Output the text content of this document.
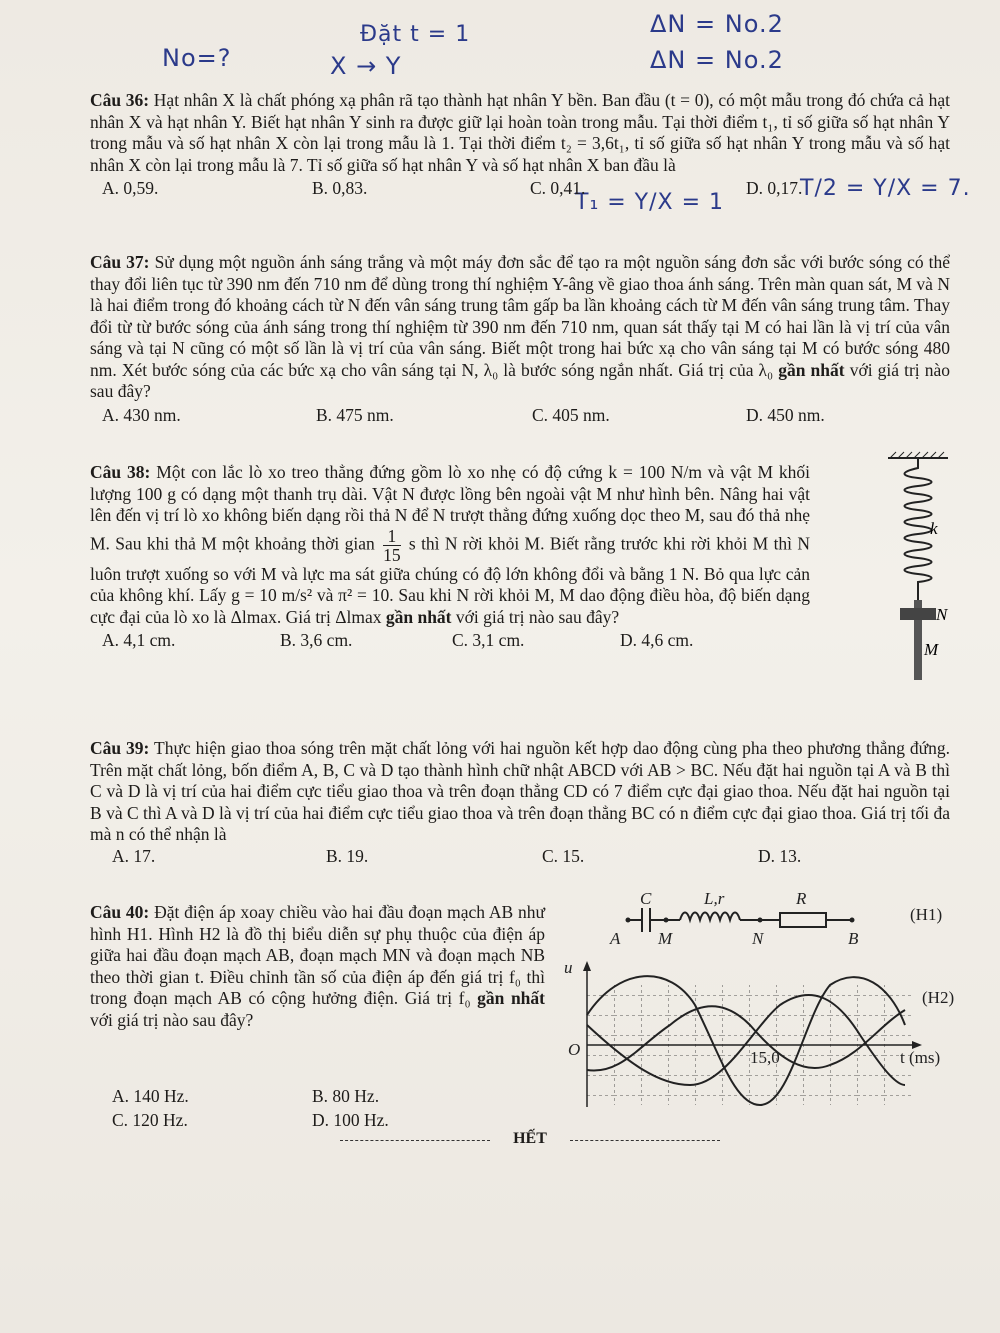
No=?
Đặt t = 1
X → Y
ΔN = No.2
ΔN = No.2
T₁ = Y/X = 1
T/2 = Y/X = 7.
Câu 36: Hạt nhân X là chất phóng xạ phân rã tạo thành hạt nhân Y bền. Ban đầu (t = 0), có một mẫu trong đó chứa cả hạt nhân X và hạt nhân Y. Biết hạt nhân Y sinh ra được giữ lại hoàn toàn trong mẫu. Tại thời điểm t₁, tỉ số giữa số hạt nhân Y trong mẫu và số hạt nhân X còn lại trong mẫu là 1. Tại thời điểm t₂ = 3,6t₁, tỉ số giữa số hạt nhân Y trong mẫu và số hạt nhân X còn lại trong mẫu là 7. Tỉ số giữa số hạt nhân Y và số hạt nhân X ban đầu là
A. 0,59.	B. 0,83.	C. 0,41.	D. 0,17.
Câu 37: Sử dụng một nguồn ánh sáng trắng và một máy đơn sắc để tạo ra một nguồn sáng đơn sắc với bước sóng có thể thay đổi liên tục từ 390 nm đến 710 nm để dùng trong thí nghiệm Y-âng về giao thoa ánh sáng. Trên màn quan sát, M và N là hai điểm trong đó khoảng cách từ N đến vân sáng trung tâm gấp ba lần khoảng cách từ M đến vân sáng trung tâm. Thay đổi từ từ bước sóng của ánh sáng trong thí nghiệm từ 390 nm đến 710 nm, quan sát thấy tại M có hai lần là vị trí của vân sáng và tại N cũng có một số lần là vị trí của vân sáng. Biết một trong hai bức xạ cho vân sáng tại M có bước sóng 480 nm. Xét bước sóng của các bức xạ cho vân sáng tại N, λ₀ là bước sóng ngắn nhất. Giá trị của λ₀ gần nhất với giá trị nào sau đây?
A. 430 nm.	B. 475 nm.	C. 405 nm.	D. 450 nm.
Câu 38: Một con lắc lò xo treo thẳng đứng gồm lò xo nhẹ có độ cứng k = 100 N/m và vật M khối lượng 100 g có dạng một thanh trụ dài. Vật N được lồng bên ngoài vật M như hình bên. Nâng hai vật lên đến vị trí lò xo không biến dạng rồi thả N để N trượt thẳng đứng xuống dọc theo M, sau đó thả nhẹ M. Sau khi thả M một khoảng thời gian $\frac{1}{15}$ s thì N rời khỏi M. Biết rằng trước khi rời khỏi M thì N luôn trượt xuống so với M và lực ma sát giữa chúng có độ lớn không đổi và bằng 1 N. Bỏ qua lực cản của không khí. Lấy g = 10 m/s² và π² = 10. Sau khi N rời khỏi M, M dao động điều hòa, độ biến dạng cực đại của lò xo là Δlmax. Giá trị Δlmax gần nhất với giá trị nào sau đây?
A. 4,1 cm.	B. 3,6 cm.	C. 3,1 cm.	D. 4,6 cm.
k
N
M
Câu 39: Thực hiện giao thoa sóng trên mặt chất lỏng với hai nguồn kết hợp dao động cùng pha theo phương thẳng đứng. Trên mặt chất lỏng, bốn điểm A, B, C và D tạo thành hình chữ nhật ABCD với AB > BC. Nếu đặt hai nguồn tại A và B thì C và D là vị trí của hai điểm cực tiểu giao thoa và trên đoạn thẳng CD có 7 điểm cực đại giao thoa. Nếu đặt hai nguồn tại B và C thì A và D là vị trí của hai điểm cực tiểu giao thoa và trên đoạn thẳng BC có n điểm cực đại giao thoa. Giá trị tối đa mà n có thể nhận là
A. 17.	B. 19.	C. 15.	D. 13.
Câu 40: Đặt điện áp xoay chiều vào hai đầu đoạn mạch AB như hình H1. Hình H2 là đồ thị biểu diễn sự phụ thuộc của điện áp giữa hai đầu đoạn mạch AB, đoạn mạch MN và đoạn mạch NB theo thời gian t. Điều chỉnh tần số của điện áp đến giá trị f₀ thì trong đoạn mạch AB có cộng hưởng điện. Giá trị f₀ gần nhất với giá trị nào sau đây?
A. 140 Hz.	B. 80 Hz.
C. 120 Hz.	D. 100 Hz.
C	L,r	R
A M	N	B
(H1)
u
O	15,0	t (ms)
(H2)
HẾT
